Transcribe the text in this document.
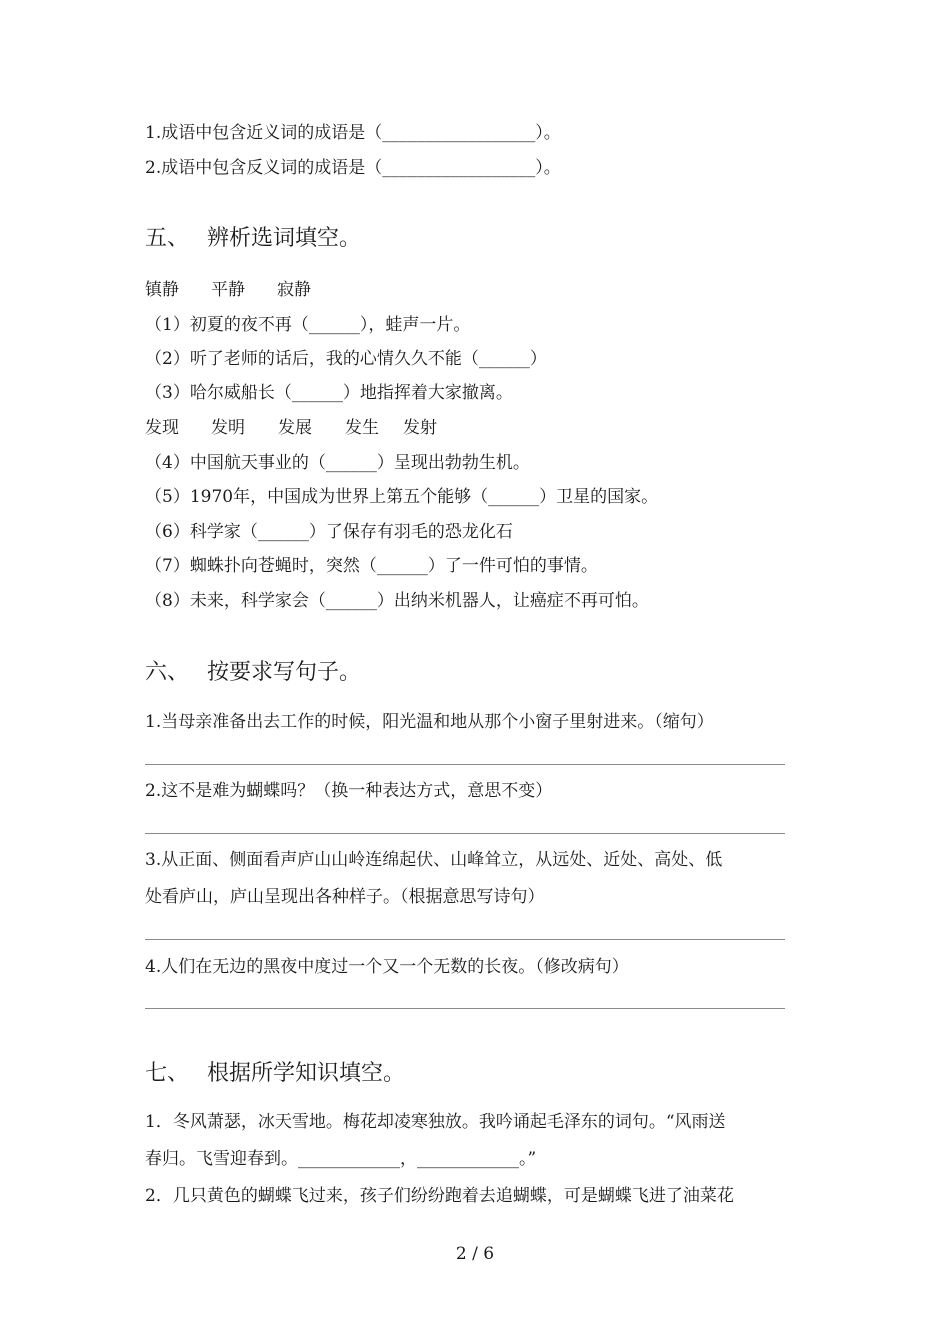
1.成语中包含近义词的成语是（__________________）。
2.成语中包含反义词的成语是（__________________）。
五、 辨析选词填空。
镇静 平静 寂静
（1）初夏的夜不再（______），蛙声一片。
（2）听了老师的话后，我的心情久久不能（______）
（3）哈尔威船长（______）地指挥着大家撤离。
发现 发明 发展 发生 发射
（4）中国航天事业的（______）呈现出勃勃生机。
（5）1970年，中国成为世界上第五个能够（______）卫星的国家。
（6）科学家（______）了保存有羽毛的恐龙化石
（7）蜘蛛扑向苍蝇时，突然（______）了一件可怕的事情。
（8）未来，科学家会（______）出纳米机器人，让癌症不再可怕。
六、 按要求写句子。
1.当母亲准备出去工作的时候，阳光温和地从那个小窗子里射进来。（缩句）
2.这不是难为蝴蝶吗？（换一种表达方式，意思不变）
3.从正面、侧面看声庐山山岭连绵起伏、山峰耸立，从远处、近处、高处、低
处看庐山，庐山呈现出各种样子。（根据意思写诗句）
4.人们在无边的黑夜中度过一个又一个无数的长夜。（修改病句）
七、 根据所学知识填空。
1．冬风萧瑟，冰天雪地。梅花却凌寒独放。我吟诵起毛泽东的词句。“风雨送
春归。飞雪迎春到。____________，____________。”
2．几只黄色的蝴蝶飞过来，孩子们纷纷跑着去追蝴蝶，可是蝴蝶飞进了油菜花
2 / 6
